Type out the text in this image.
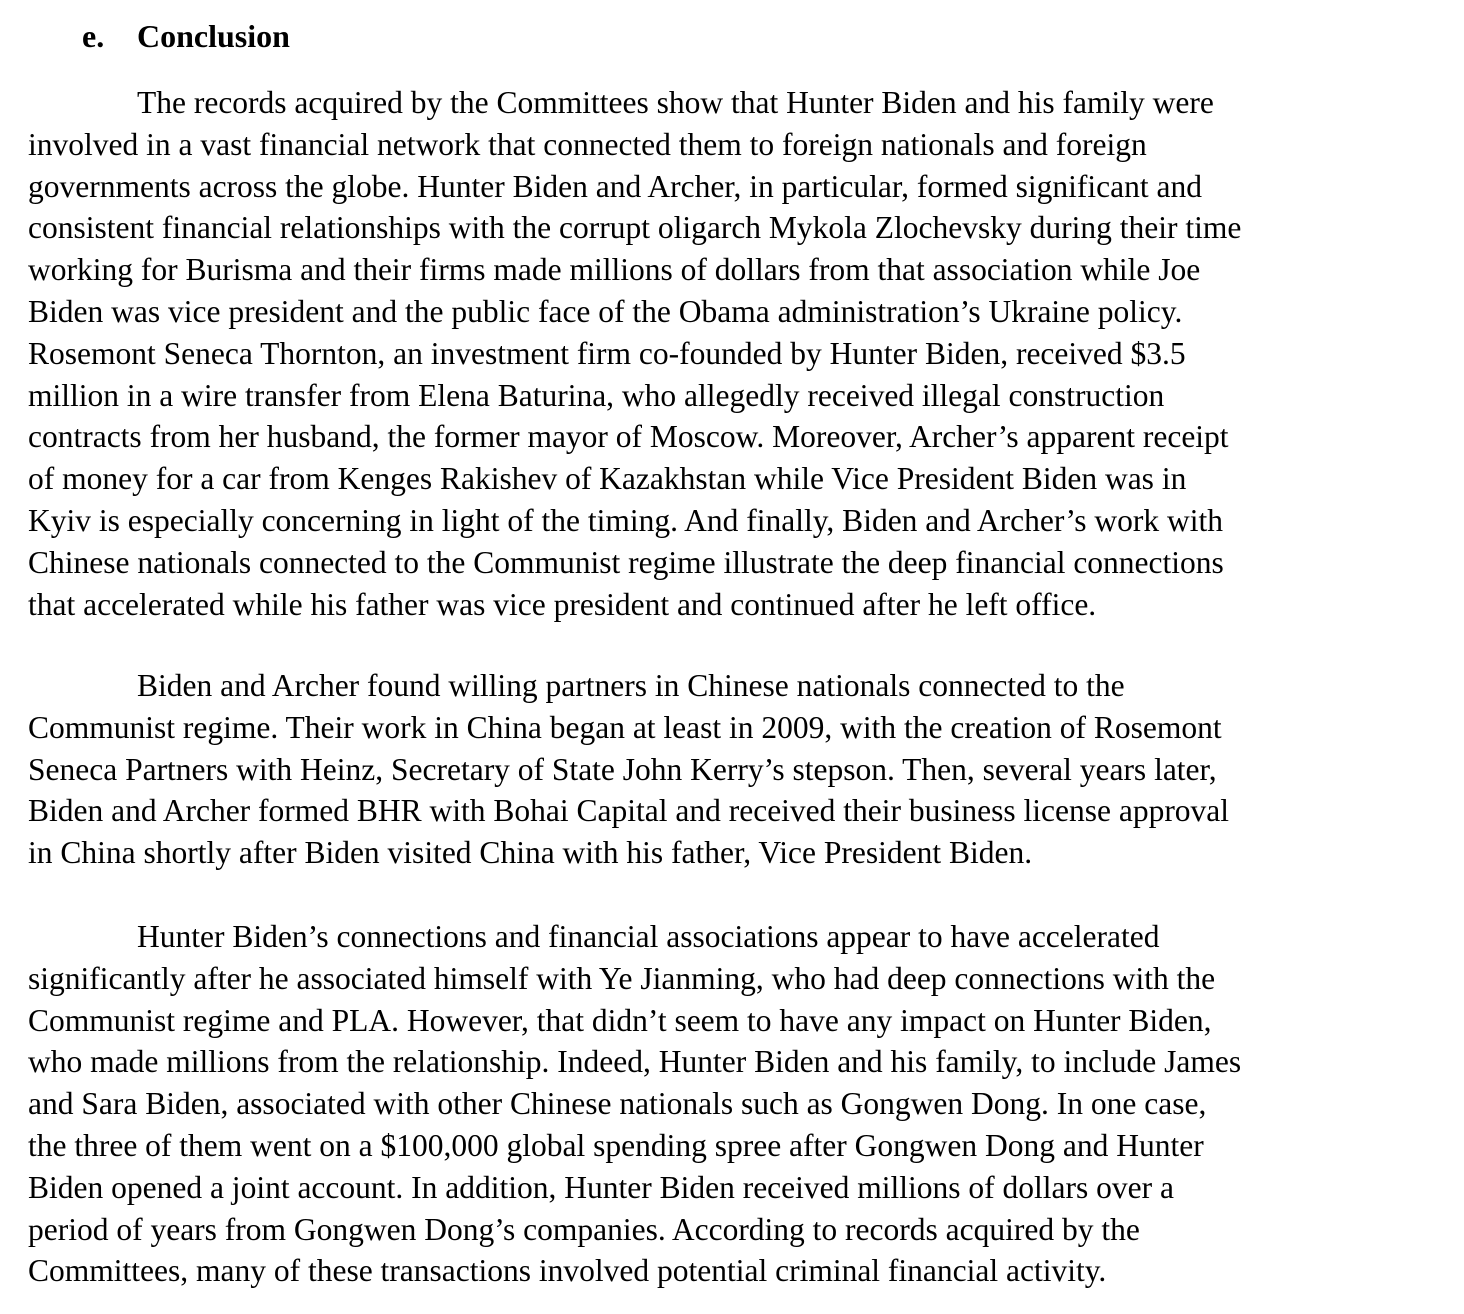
e. Conclusion
The records acquired by the Committees show that Hunter Biden and his family were
involved in a vast financial network that connected them to foreign nationals and foreign
governments across the globe. Hunter Biden and Archer, in particular, formed significant and
consistent financial relationships with the corrupt oligarch Mykola Zlochevsky during their time
working for Burisma and their firms made millions of dollars from that association while Joe
Biden was vice president and the public face of the Obama administration’s Ukraine policy.
Rosemont Seneca Thornton, an investment firm co-founded by Hunter Biden, received $3.5
million in a wire transfer from Elena Baturina, who allegedly received illegal construction
contracts from her husband, the former mayor of Moscow. Moreover, Archer’s apparent receipt
of money for a car from Kenges Rakishev of Kazakhstan while Vice President Biden was in
Kyiv is especially concerning in light of the timing. And finally, Biden and Archer’s work with
Chinese nationals connected to the Communist regime illustrate the deep financial connections
that accelerated while his father was vice president and continued after he left office.
Biden and Archer found willing partners in Chinese nationals connected to the
Communist regime. Their work in China began at least in 2009, with the creation of Rosemont
Seneca Partners with Heinz, Secretary of State John Kerry’s stepson. Then, several years later,
Biden and Archer formed BHR with Bohai Capital and received their business license approval
in China shortly after Biden visited China with his father, Vice President Biden.
Hunter Biden’s connections and financial associations appear to have accelerated
significantly after he associated himself with Ye Jianming, who had deep connections with the
Communist regime and PLA. However, that didn’t seem to have any impact on Hunter Biden,
who made millions from the relationship. Indeed, Hunter Biden and his family, to include James
and Sara Biden, associated with other Chinese nationals such as Gongwen Dong. In one case,
the three of them went on a $100,000 global spending spree after Gongwen Dong and Hunter
Biden opened a joint account. In addition, Hunter Biden received millions of dollars over a
period of years from Gongwen Dong’s companies. According to records acquired by the
Committees, many of these transactions involved potential criminal financial activity.
